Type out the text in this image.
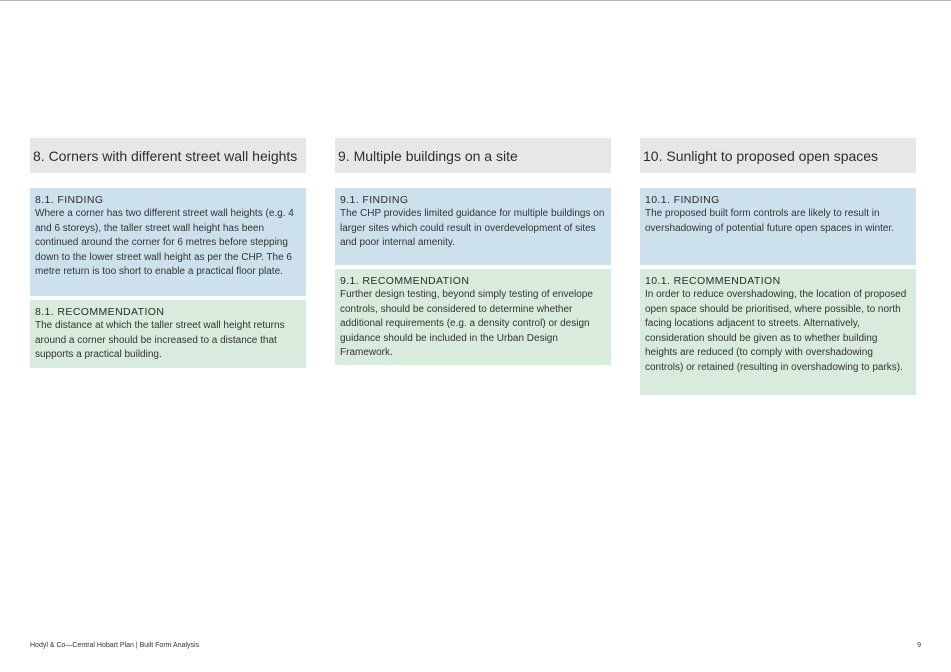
8. Corners with different street wall heights
8.1. FINDING
Where a corner has two different street wall heights (e.g. 4 and 6 storeys), the taller street wall height has been continued around the corner for 6 metres before stepping down to the lower street wall height as per the CHP. The 6 metre return is too short to enable a practical floor plate.
8.1. RECOMMENDATION
The distance at which the taller street wall height returns around a corner should be increased to a distance that supports a practical building.
9. Multiple buildings on a site
9.1. FINDING
The CHP provides limited guidance for multiple buildings on larger sites which could result in overdevelopment of sites and poor internal amenity.
9.1. RECOMMENDATION
Further design testing, beyond simply testing of envelope controls, should be considered to determine whether additional requirements (e.g. a density control) or design guidance should be included in the Urban Design Framework.
10. Sunlight to proposed open spaces
10.1. FINDING
The proposed built form controls are likely to result in overshadowing of potential future open spaces in winter.
10.1. RECOMMENDATION
In order to reduce overshadowing, the location of proposed open space should be prioritised, where possible, to north facing locations adjacent to streets. Alternatively, consideration should be given as to whether building heights are reduced (to comply with overshadowing controls) or retained (resulting in overshadowing to parks).
Hodyl & Co—Central Hobart Plan | Built Form Analysis	9
